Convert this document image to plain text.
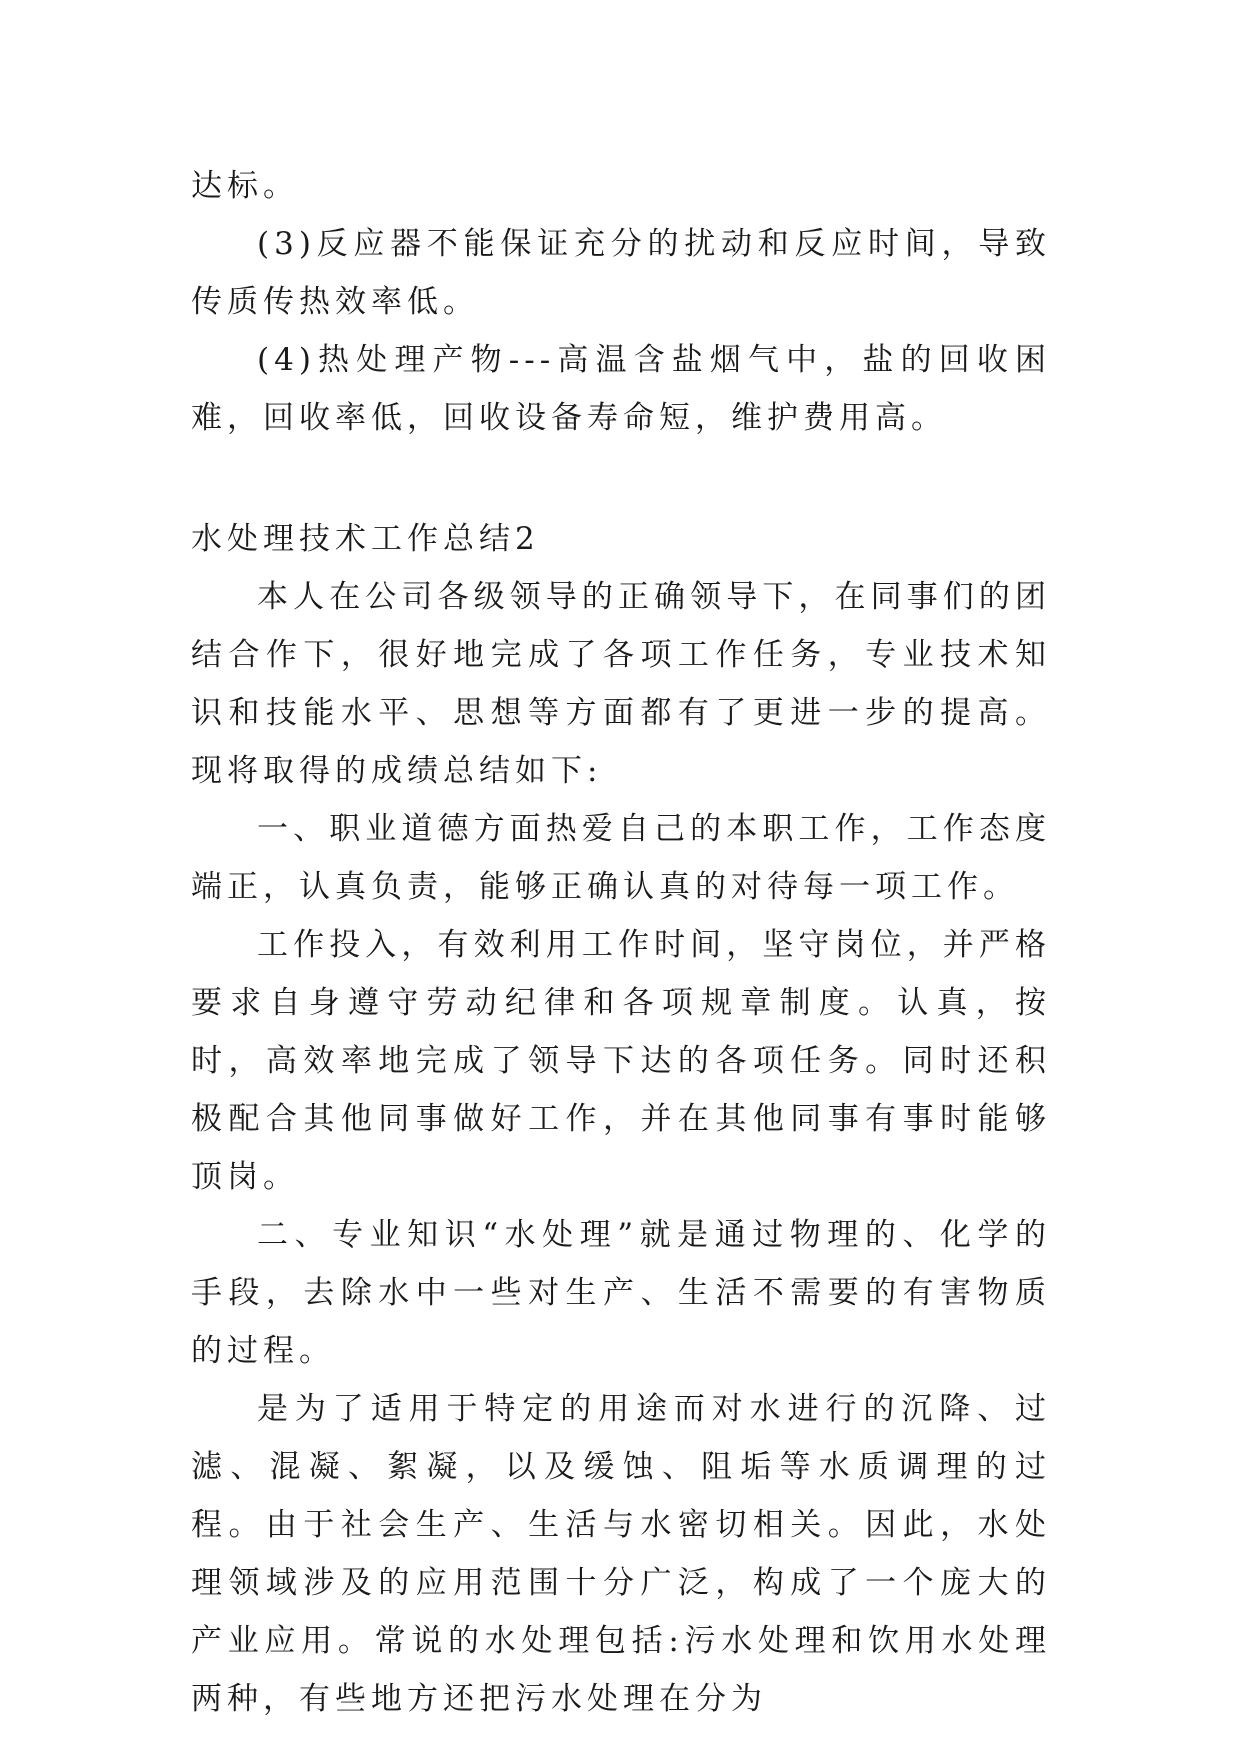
达标。

(3)反应器不能保证充分的扰动和反应时间，导致传质传热效率低。

(4)热处理产物---高温含盐烟气中，盐的回收困难，回收率低，回收设备寿命短，维护费用高。

水处理技术工作总结2

本人在公司各级领导的正确领导下，在同事们的团结合作下，很好地完成了各项工作任务，专业技术知识和技能水平、思想等方面都有了更进一步的提高。现将取得的成绩总结如下:

一、职业道德方面热爱自己的本职工作，工作态度端正，认真负责，能够正确认真的对待每一项工作。

工作投入，有效利用工作时间，坚守岗位，并严格要求自身遵守劳动纪律和各项规章制度。认真，按时，高效率地完成了领导下达的各项任务。同时还积极配合其他同事做好工作，并在其他同事有事时能够顶岗。

二、专业知识“水处理”就是通过物理的、化学的手段，去除水中一些对生产、生活不需要的有害物质的过程。

是为了适用于特定的用途而对水进行的沉降、过滤、混凝、絮凝，以及缓蚀、阻垢等水质调理的过程。由于社会生产、生活与水密切相关。因此，水处理领域涉及的应用范围十分广泛，构成了一个庞大的产业应用。常说的水处理包括:污水处理和饮用水处理两种，有些地方还把污水处理在分为
